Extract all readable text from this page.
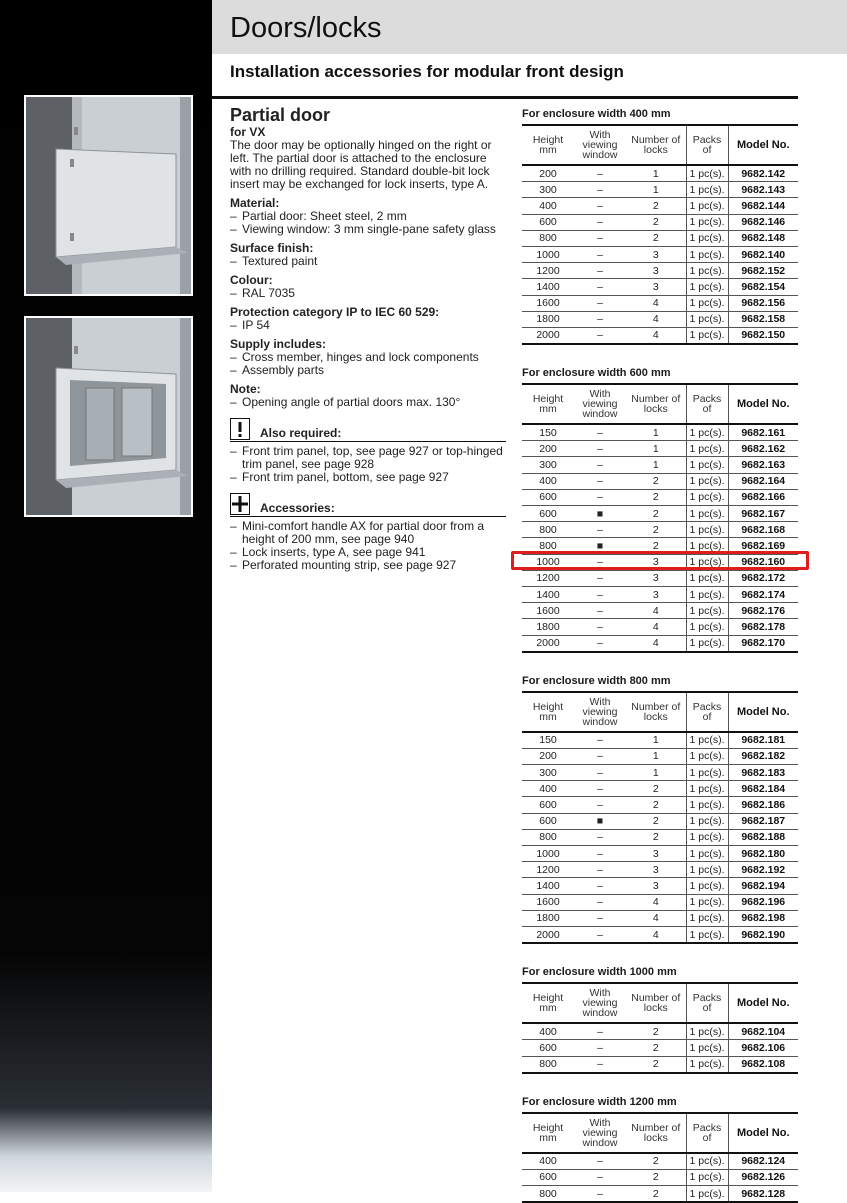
Doors/locks
Installation accessories for modular front design
Partial door
for VX
The door may be optionally hinged on the right or left. The partial door is attached to the enclosure with no drilling required. Standard double-bit lock insert may be exchanged for lock inserts, type A.
Material:
– Partial door: Sheet steel, 2 mm
– Viewing window: 3 mm single-pane safety glass
Surface finish:
– Textured paint
Colour:
– RAL 7035
Protection category IP to IEC 60 529:
– IP 54
Supply includes:
– Cross member, hinges and lock components
– Assembly parts
Note:
– Opening angle of partial doors max. 130°
Also required:
– Front trim panel, top, see page 927 or top-hinged trim panel, see page 928
– Front trim panel, bottom, see page 927
Accessories:
– Mini-comfort handle AX for partial door from a height of 200 mm, see page 940
– Lock inserts, type A, see page 941
– Perforated mounting strip, see page 927
For enclosure width 400 mm
Height
mm	With
viewing
window	Number of
locks	Packs
of	Model No.
200	–	1	1 pc(s).	9682.142
300	–	1	1 pc(s).	9682.143
400	–	2	1 pc(s).	9682.144
600	–	2	1 pc(s).	9682.146
800	–	2	1 pc(s).	9682.148
1000	–	3	1 pc(s).	9682.140
1200	–	3	1 pc(s).	9682.152
1400	–	3	1 pc(s).	9682.154
1600	–	4	1 pc(s).	9682.156
1800	–	4	1 pc(s).	9682.158
2000	–	4	1 pc(s).	9682.150
For enclosure width 600 mm
Height
mm	With
viewing
window	Number of
locks	Packs
of	Model No.
150	–	1	1 pc(s).	9682.161
200	–	1	1 pc(s).	9682.162
300	–	1	1 pc(s).	9682.163
400	–	2	1 pc(s).	9682.164
600	–	2	1 pc(s).	9682.166
600	■	2	1 pc(s).	9682.167
800	–	2	1 pc(s).	9682.168
800	■	2	1 pc(s).	9682.169
1000	–	3	1 pc(s).	9682.160
1200	–	3	1 pc(s).	9682.172
1400	–	3	1 pc(s).	9682.174
1600	–	4	1 pc(s).	9682.176
1800	–	4	1 pc(s).	9682.178
2000	–	4	1 pc(s).	9682.170
For enclosure width 800 mm
Height
mm	With
viewing
window	Number of
locks	Packs
of	Model No.
150	–	1	1 pc(s).	9682.181
200	–	1	1 pc(s).	9682.182
300	–	1	1 pc(s).	9682.183
400	–	2	1 pc(s).	9682.184
600	–	2	1 pc(s).	9682.186
600	■	2	1 pc(s).	9682.187
800	–	2	1 pc(s).	9682.188
1000	–	3	1 pc(s).	9682.180
1200	–	3	1 pc(s).	9682.192
1400	–	3	1 pc(s).	9682.194
1600	–	4	1 pc(s).	9682.196
1800	–	4	1 pc(s).	9682.198
2000	–	4	1 pc(s).	9682.190
For enclosure width 1000 mm
Height
mm	With
viewing
window	Number of
locks	Packs
of	Model No.
400	–	2	1 pc(s).	9682.104
600	–	2	1 pc(s).	9682.106
800	–	2	1 pc(s).	9682.108
For enclosure width 1200 mm
Height
mm	With
viewing
window	Number of
locks	Packs
of	Model No.
400	–	2	1 pc(s).	9682.124
600	–	2	1 pc(s).	9682.126
800	–	2	1 pc(s).	9682.128
